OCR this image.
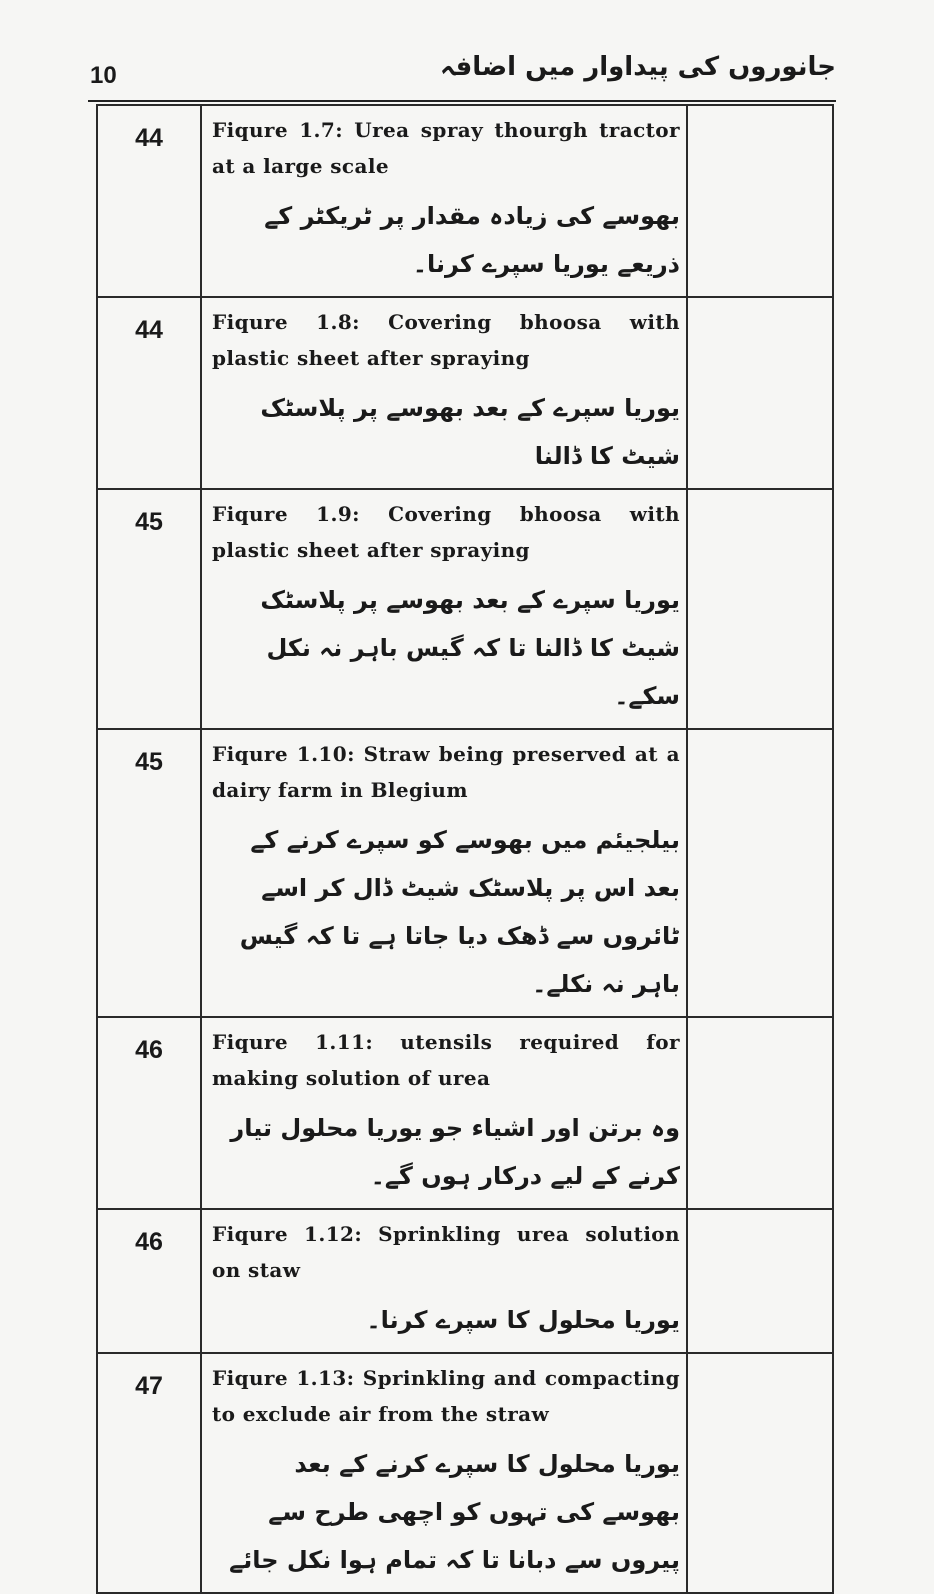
10	جانوروں کی پیداوار میں اضافہ
44	Fiqure 1.7: Urea spray thourgh tractor at a large scale
بھوسے کی زیادہ مقدار پر ٹریکٹر کے ذریعے یوریا سپرے کرنا۔	

44	Fiqure 1.8: Covering bhoosa with plastic sheet after spraying
یوریا سپرے کے بعد بھوسے پر پلاسٹک شیٹ کا ڈالنا	

45	Fiqure 1.9: Covering bhoosa with plastic sheet after spraying
یوریا سپرے کے بعد بھوسے پر پلاسٹک شیٹ کا ڈالنا تا کہ گیس باہر نہ نکل سکے۔	

45	Fiqure 1.10: Straw being preserved at a dairy farm in Blegium
بیلجیئم میں بھوسے کو سپرے کرنے کے بعد اس پر پلاسٹک شیٹ ڈال کر اسے ٹائروں سے ڈھک دیا جاتا ہے تا کہ گیس باہر نہ نکلے۔	

46	Fiqure 1.11: utensils required for making solution of urea
وہ برتن اور اشیاء جو یوریا محلول تیار کرنے کے لیے درکار ہوں گے۔	

46	Fiqure 1.12: Sprinkling urea solution on staw
یوریا محلول کا سپرے کرنا۔	

47	Fiqure 1.13: Sprinkling and compacting to exclude air from the straw
یوریا محلول کا سپرے کرنے کے بعد بھوسے کی تہوں کو اچھی طرح سے پیروں سے دبانا تا کہ تمام ہوا نکل جائے	
